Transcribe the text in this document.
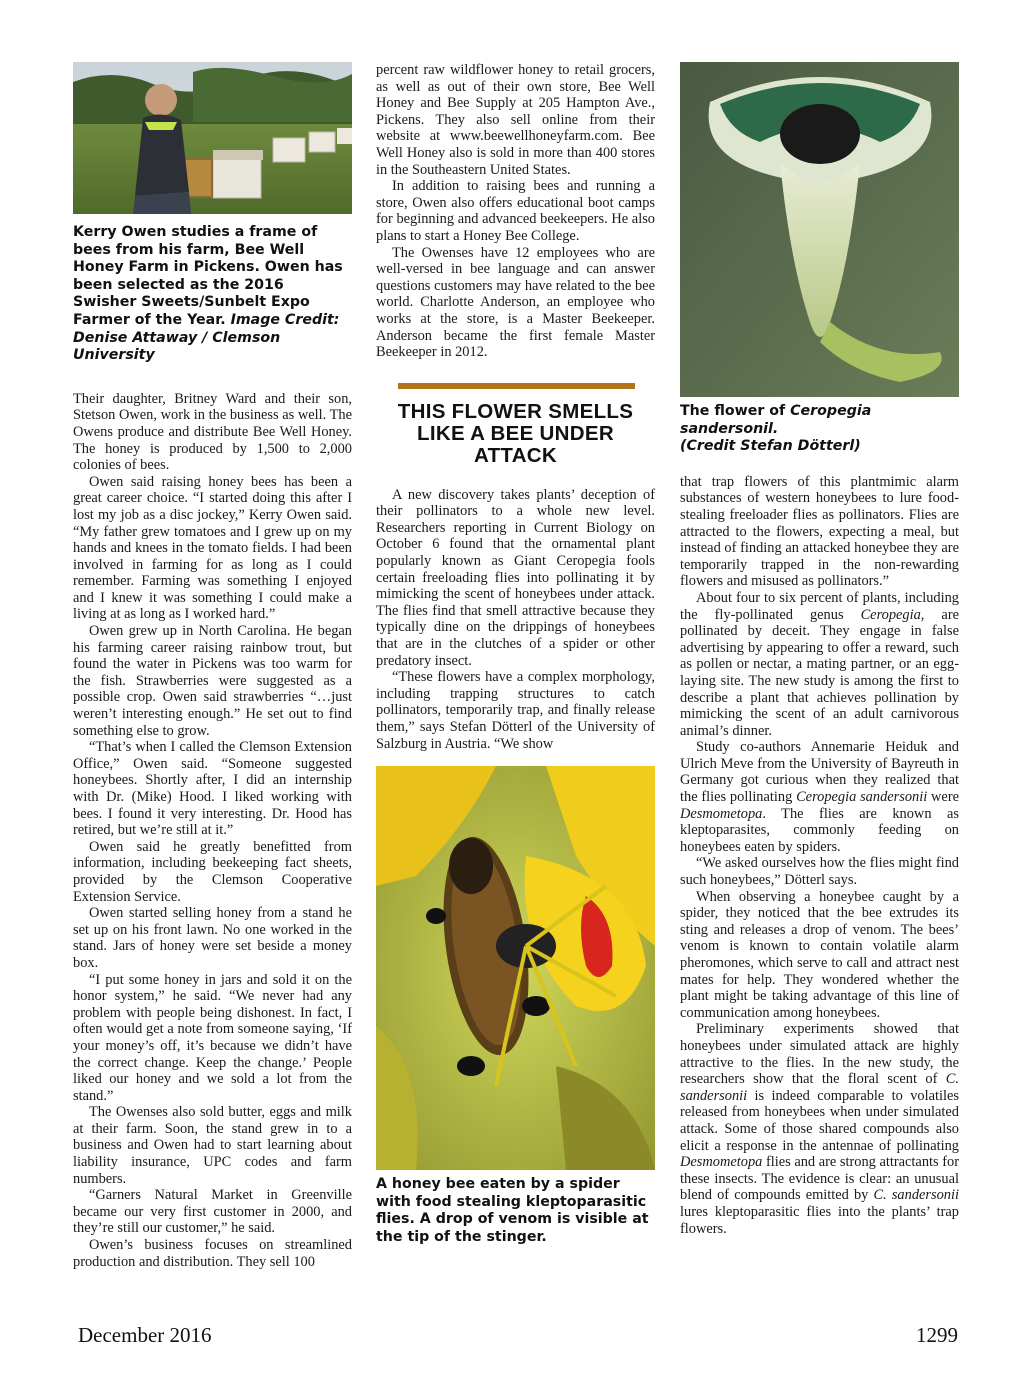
Kerry Owen studies a frame of bees from his farm, Bee Well Honey Farm in Pickens. Owen has been selected as the 2016 Swisher Sweets/Sunbelt Expo Farmer of the Year. Image Credit: Denise Attaway / Clemson University

Their daughter, Britney Ward and their son, Stetson Owen, work in the business as well. The Owens produce and distribute Bee Well Honey. The honey is produced by 1,500 to 2,000 colonies of bees.

Owen said raising honey bees has been a great career choice. “I started doing this after I lost my job as a disc jockey,” Kerry Owen said. “My father grew tomatoes and I grew up on my hands and knees in the tomato fields. I had been involved in farming for as long as I could remember. Farming was something I enjoyed and I knew it was something I could make a living at as long as I worked hard.”

Owen grew up in North Carolina. He began his farming career raising rainbow trout, but found the water in Pickens was too warm for the fish. Strawberries were suggested as a possible crop. Owen said strawberries “…just weren’t interesting enough.” He set out to find something else to grow.

“That’s when I called the Clemson Extension Office,” Owen said. “Someone suggested honeybees. Shortly after, I did an internship with Dr. (Mike) Hood. I liked working with bees. I found it very interesting. Dr. Hood has retired, but we’re still at it.”

Owen said he greatly benefitted from information, including beekeeping fact sheets, provided by the Clemson Cooperative Extension Service.

Owen started selling honey from a stand he set up on his front lawn. No one worked in the stand. Jars of honey were set beside a money box.

“I put some honey in jars and sold it on the honor system,” he said. “We never had any problem with people being dishonest. In fact, I often would get a note from someone saying, ‘If your money’s off, it’s because we didn’t have the correct change. Keep the change.’ People liked our honey and we sold a lot from the stand.”

The Owenses also sold butter, eggs and milk at their farm. Soon, the stand grew in to a business and Owen had to start learning about liability insurance, UPC codes and farm numbers.

“Garners Natural Market in Greenville became our very first customer in 2000, and they’re still our customer,” he said.

Owen’s business focuses on streamlined production and distribution. They sell 100

percent raw wildflower honey to retail grocers, as well as out of their own store, Bee Well Honey and Bee Supply at 205 Hampton Ave., Pickens. They also sell online from their website at www.beewellhoneyfarm.com. Bee Well Honey also is sold in more than 400 stores in the Southeastern United States.

In addition to raising bees and running a store, Owen also offers educational boot camps for beginning and advanced beekeepers. He also plans to start a Honey Bee College.

The Owenses have 12 employees who are well-versed in bee language and can answer questions customers may have related to the bee world. Charlotte Anderson, an employee who works at the store, is a Master Beekeeper. Anderson became the first female Master Beekeeper in 2012.

THIS FLOWER SMELLS LIKE A BEE UNDER ATTACK

A new discovery takes plants’ deception of their pollinators to a whole new level. Researchers reporting in Current Biology on October 6 found that the ornamental plant popularly known as Giant Ceropegia fools certain freeloading flies into pollinating it by mimicking the scent of honeybees under attack. The flies find that smell attractive because they typically dine on the drippings of honeybees that are in the clutches of a spider or other predatory insect.

“These flowers have a complex morphology, including trapping structures to catch pollinators, temporarily trap, and finally release them,” says Stefan Dötterl of the University of Salzburg in Austria. “We show

A honey bee eaten by a spider with food stealing kleptoparasitic flies. A drop of venom is visible at the tip of the stinger.

The flower of Ceropegia sandersonil.
(Credit Stefan Dötterl)

that trap flowers of this plantmimic alarm substances of western honeybees to lure food-stealing freeloader flies as pollinators. Flies are attracted to the flowers, expecting a meal, but instead of finding an attacked honeybee they are temporarily trapped in the non-rewarding flowers and misused as pollinators.”

About four to six percent of plants, including the fly-pollinated genus Ceropegia, are pollinated by deceit. They engage in false advertising by appearing to offer a reward, such as pollen or nectar, a mating partner, or an egg-laying site. The new study is among the first to describe a plant that achieves pollination by mimicking the scent of an adult carnivorous animal’s dinner.

Study co-authors Annemarie Heiduk and Ulrich Meve from the University of Bayreuth in Germany got curious when they realized that the flies pollinating Ceropegia sandersonii were Desmometopa. The flies are known as kleptoparasites, commonly feeding on honeybees eaten by spiders.

“We asked ourselves how the flies might find such honeybees,” Dötterl says.

When observing a honeybee caught by a spider, they noticed that the bee extrudes its sting and releases a drop of venom. The bees’ venom is known to contain volatile alarm pheromones, which serve to call and attract nest mates for help. They wondered whether the plant might be taking advantage of this line of communication among honeybees.

Preliminary experiments showed that honeybees under simulated attack are highly attractive to the flies. In the new study, the researchers show that the floral scent of C. sandersonii is indeed comparable to volatiles released from honeybees when under simulated attack. Some of those shared compounds also elicit a response in the antennae of pollinating Desmometopa flies and are strong attractants for these insects. The evidence is clear: an unusual blend of compounds emitted by C. sandersonii lures kleptoparasitic flies into the plants’ trap flowers.

December 2016	1299
